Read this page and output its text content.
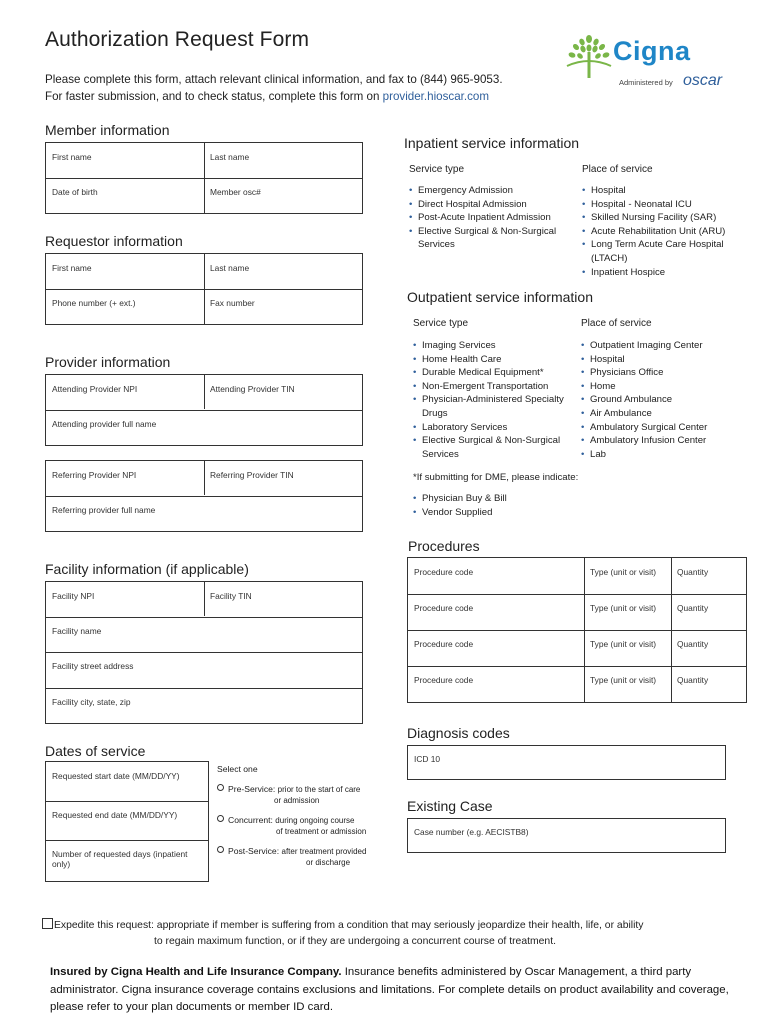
Authorization Request Form
Please complete this form, attach relevant clinical information, and fax to (844) 965-9053.
For faster submission, and to check status, complete this form on provider.hioscar.com
Cigna
Administered by oscar
Member information
First name	Last name
Date of birth	Member osc#
Requestor information
First name	Last name
Phone number (+ ext.)	Fax number
Provider information
Attending Provider NPI	Attending Provider TIN
Attending provider full name
Referring Provider NPI	Referring Provider TIN
Referring provider full name
Facility information (if applicable)
Facility NPI	Facility TIN
Facility name
Facility street address
Facility city, state, zip
Dates of service
Requested start date (MM/DD/YY)
Requested end date (MM/DD/YY)
Number of requested days (inpatient only)
Select one
Pre-Service: prior to the start of care
or admission
Concurrent: during ongoing course
of treatment or admission
Post-Service: after treatment provided
or discharge
Inpatient service information
Service type	Place of service
• Emergency Admission
• Direct Hospital Admission
• Post-Acute Inpatient Admission
• Elective Surgical & Non-Surgical Services
• Hospital
• Hospital - Neonatal ICU
• Skilled Nursing Facility (SAR)
• Acute Rehabilitation Unit (ARU)
• Long Term Acute Care Hospital (LTACH)
• Inpatient Hospice
Outpatient service information
Service type	Place of service
• Imaging Services
• Home Health Care
• Durable Medical Equipment*
• Non-Emergent Transportation
• Physician-Administered Specialty Drugs
• Laboratory Services
• Elective Surgical & Non-Surgical Services
• Outpatient Imaging Center
• Hospital
• Physicians Office
• Home
• Ground Ambulance
• Air Ambulance
• Ambulatory Surgical Center
• Ambulatory Infusion Center
• Lab
*If submitting for DME, please indicate:
• Physician Buy & Bill
• Vendor Supplied
Procedures
Procedure code	Type (unit or visit)	Quantity
Procedure code	Type (unit or visit)	Quantity
Procedure code	Type (unit or visit)	Quantity
Procedure code	Type (unit or visit)	Quantity
Diagnosis codes
ICD 10
Existing Case
Case number (e.g. AECISTB8)
Expedite this request: appropriate if member is suffering from a condition that may seriously jeopardize their health, life, or ability
to regain maximum function, or if they are undergoing a concurrent course of treatment.
Insured by Cigna Health and Life Insurance Company. Insurance benefits administered by Oscar Management, a third party administrator. Cigna insurance coverage contains exclusions and limitations. For complete details on product availability and coverage, please refer to your plan documents or member ID card.
